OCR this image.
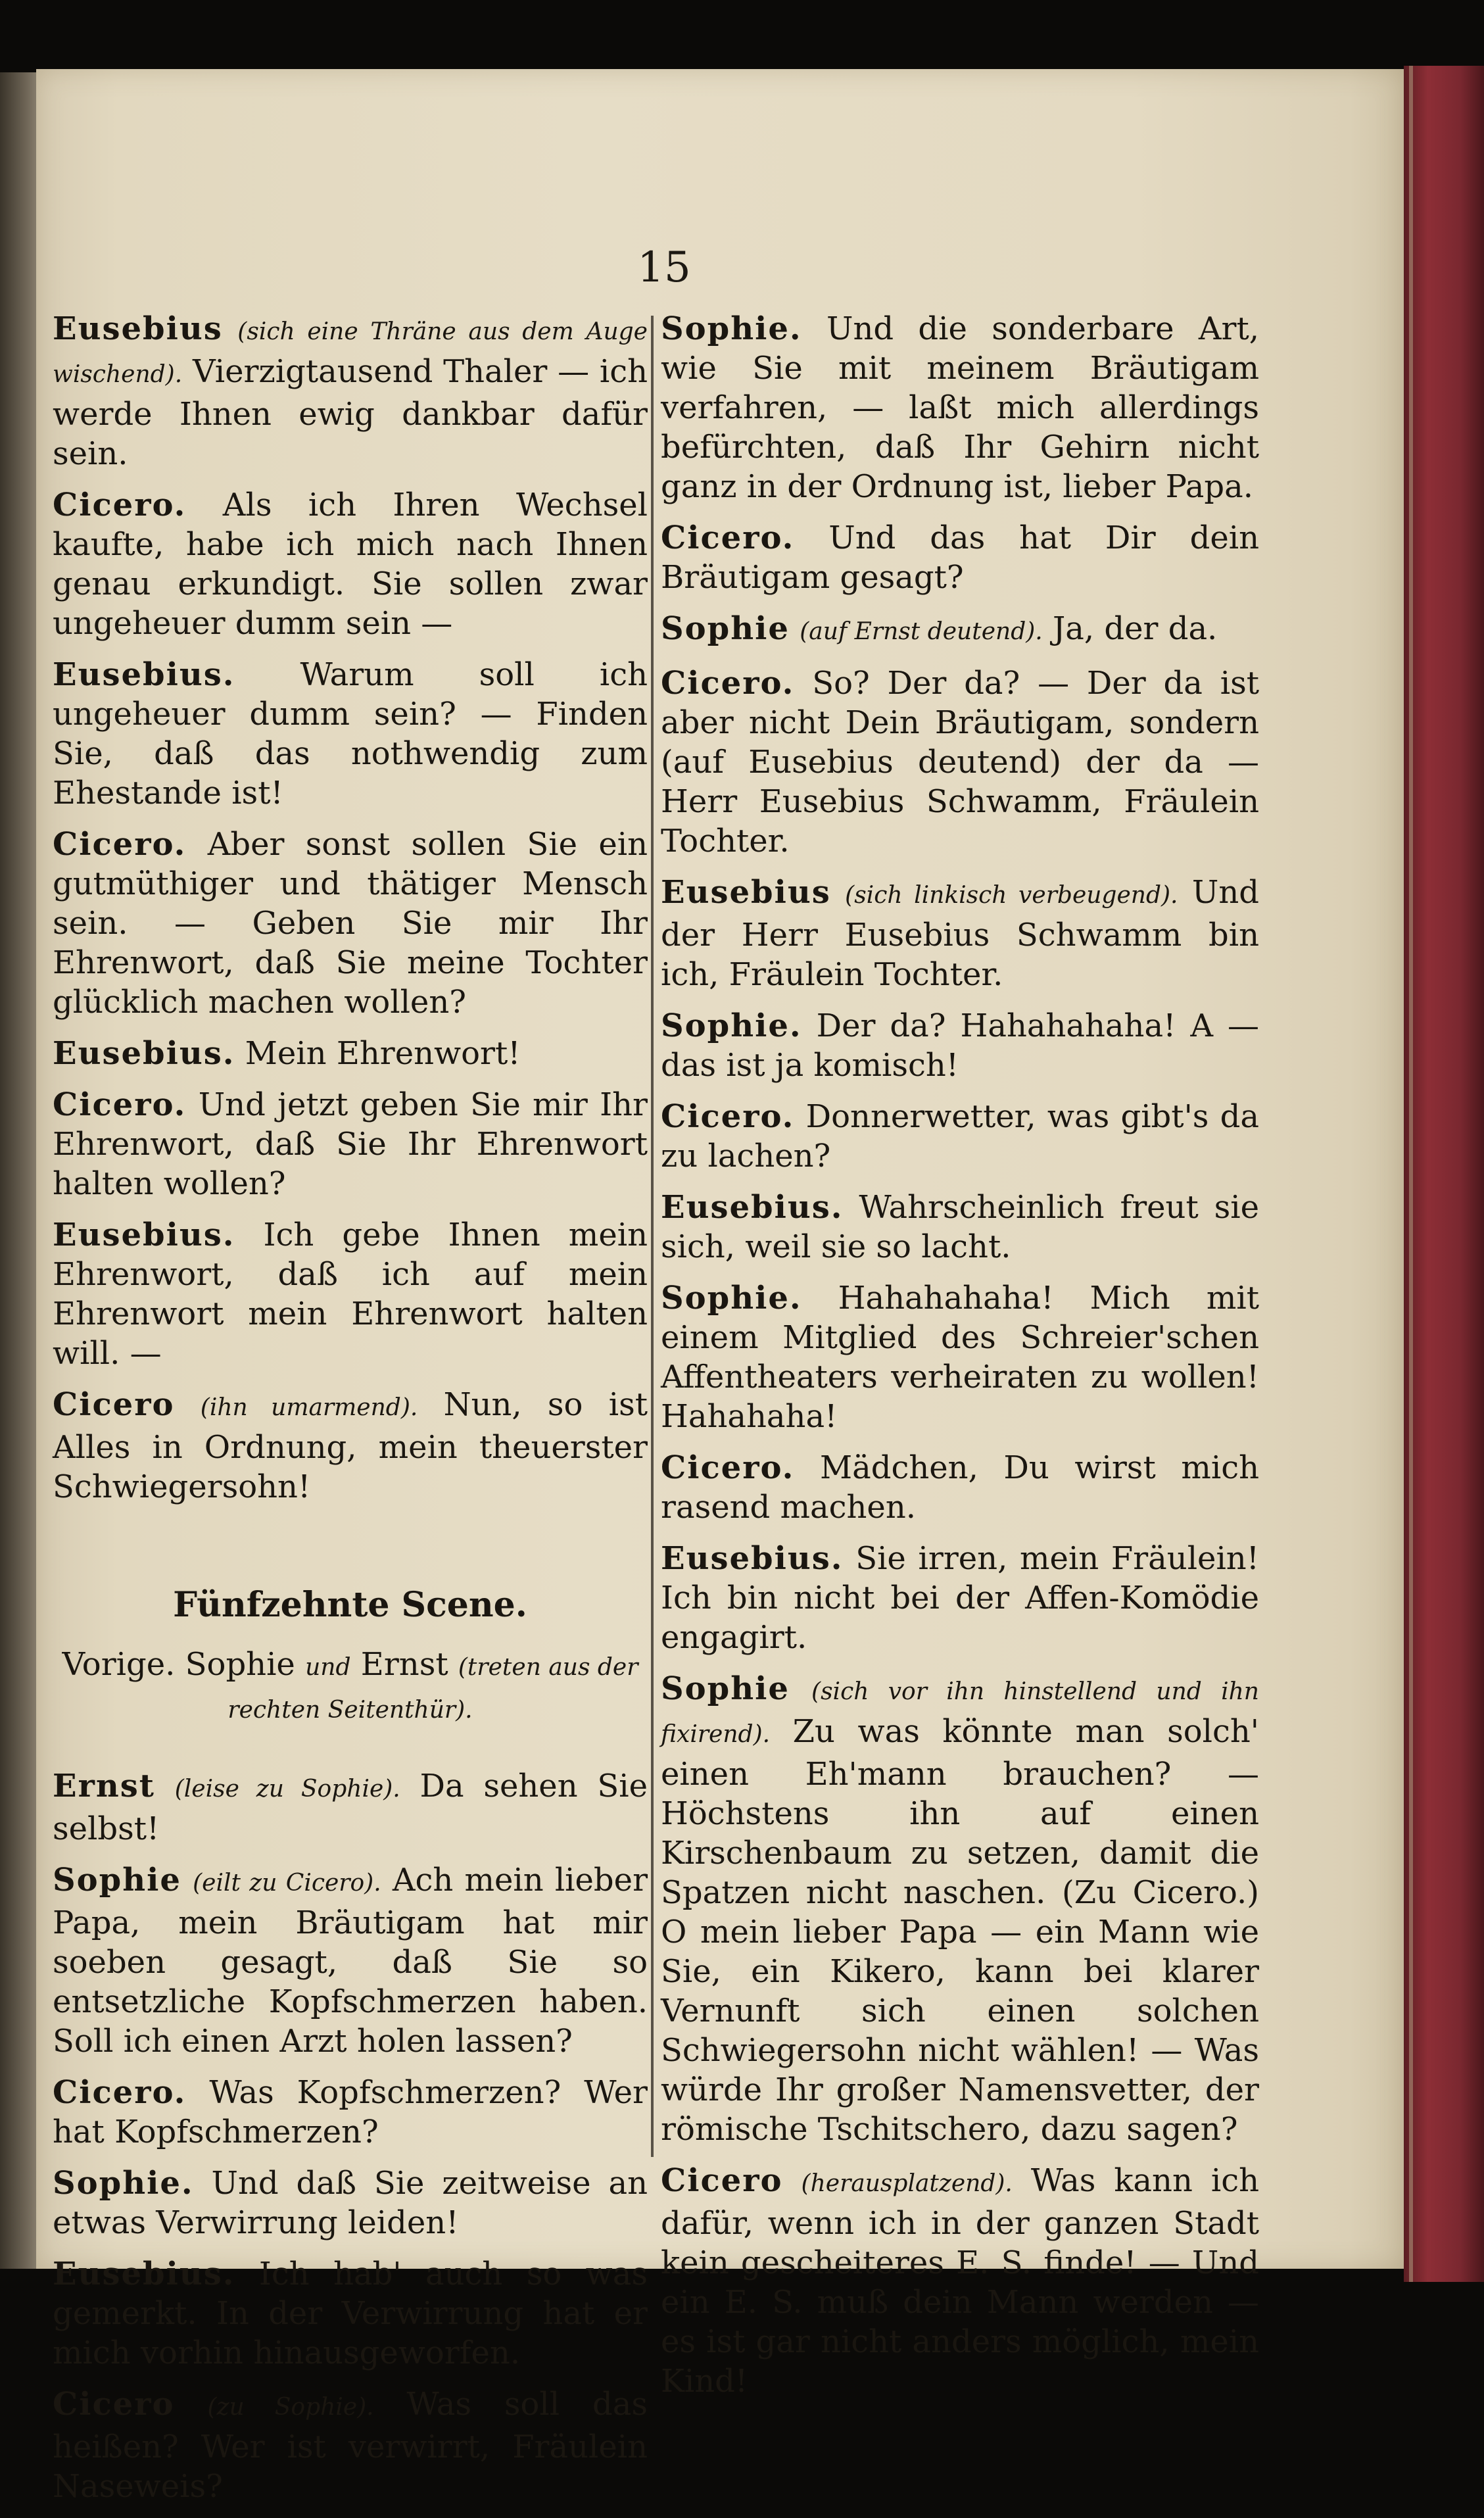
15

Eusebius (sich eine Thräne aus dem Auge wischend). Vierzigtausend Thaler — ich werde Ihnen ewig dankbar dafür sein.

Cicero. Als ich Ihren Wechsel kaufte, habe ich mich nach Ihnen genau erkundigt. Sie sollen zwar ungeheuer dumm sein —

Eusebius. Warum soll ich ungeheuer dumm sein? — Finden Sie, daß das nothwendig zum Ehestande ist!

Cicero. Aber sonst sollen Sie ein gutmüthiger und thätiger Mensch sein. — Geben Sie mir Ihr Ehrenwort, daß Sie meine Tochter glücklich machen wollen?

Eusebius. Mein Ehrenwort!

Cicero. Und jetzt geben Sie mir Ihr Ehrenwort, daß Sie Ihr Ehrenwort halten wollen?

Eusebius. Ich gebe Ihnen mein Ehrenwort, daß ich auf mein Ehrenwort mein Ehrenwort halten will. —

Cicero (ihn umarmend). Nun, so ist Alles in Ordnung, mein theuerster Schwiegersohn!

Fünfzehnte Scene.
Vorige. Sophie und Ernst (treten aus der rechten Seitenthür).

Ernst (leise zu Sophie). Da sehen Sie selbst!

Sophie (eilt zu Cicero). Ach mein lieber Papa, mein Bräutigam hat mir soeben gesagt, daß Sie so entsetzliche Kopfschmerzen haben. Soll ich einen Arzt holen lassen?

Cicero. Was Kopfschmerzen? Wer hat Kopfschmerzen?

Sophie. Und daß Sie zeitweise an etwas Verwirrung leiden!

Eusebius. Ich hab' auch so was gemerkt. In der Verwirrung hat er mich vorhin hinausgeworfen.

Cicero (zu Sophie). Was soll das heißen? Wer ist verwirrt, Fräulein Naseweis?

Sophie. Und die sonderbare Art, wie Sie mit meinem Bräutigam verfahren, — laßt mich allerdings befürchten, daß Ihr Gehirn nicht ganz in der Ordnung ist, lieber Papa.

Cicero. Und das hat Dir dein Bräutigam gesagt?

Sophie (auf Ernst deutend). Ja, der da.

Cicero. So? Der da? — Der da ist aber nicht Dein Bräutigam, sondern (auf Eusebius deutend) der da — Herr Eusebius Schwamm, Fräulein Tochter.

Eusebius (sich linkisch verbeugend). Und der Herr Eusebius Schwamm bin ich, Fräulein Tochter.

Sophie. Der da? Hahahahaha! A — das ist ja komisch!

Cicero. Donnerwetter, was gibt's da zu lachen?

Eusebius. Wahrscheinlich freut sie sich, weil sie so lacht.

Sophie. Hahahahaha! Mich mit einem Mitglied des Schreier'schen Affentheaters verheiraten zu wollen! Hahahaha!

Cicero. Mädchen, Du wirst mich rasend machen.

Eusebius. Sie irren, mein Fräulein! Ich bin nicht bei der Affen-Komödie engagirt.

Sophie (sich vor ihn hinstellend und ihn fixirend). Zu was könnte man solch' einen Eh'mann brauchen? — Höchstens ihn auf einen Kirschenbaum zu setzen, damit die Spatzen nicht naschen. (Zu Cicero.) O mein lieber Papa — ein Mann wie Sie, ein Kikero, kann bei klarer Vernunft sich einen solchen Schwiegersohn nicht wählen! — Was würde Ihr großer Namensvetter, der römische Tschitschero, dazu sagen?

Cicero (herausplatzend). Was kann ich dafür, wenn ich in der ganzen Stadt kein gescheiteres E. S. finde! — Und ein E. S. muß dein Mann werden — es ist gar nicht anders möglich, mein Kind!
